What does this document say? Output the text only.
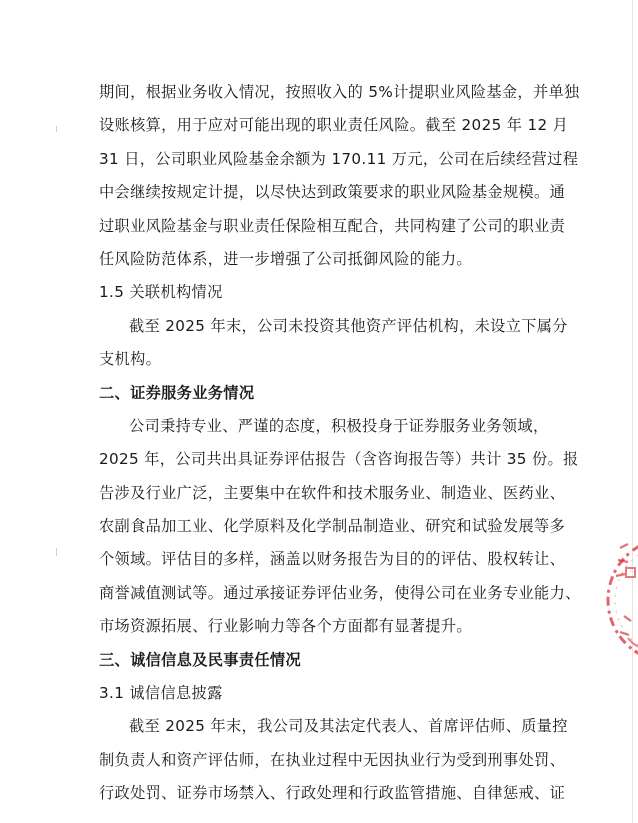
期间，根据业务收入情况，按照收入的 5%计提职业风险基金，并单独
设账核算，用于应对可能出现的职业责任风险。截至 2025 年 12 月
31 日，公司职业风险基金余额为 170.11 万元，公司在后续经营过程
中会继续按规定计提，以尽快达到政策要求的职业风险基金规模。通
过职业风险基金与职业责任保险相互配合，共同构建了公司的职业责
任风险防范体系，进一步增强了公司抵御风险的能力。
1.5 关联机构情况
截至 2025 年末，公司未投资其他资产评估机构，未设立下属分
支机构。
二、证券服务业务情况
公司秉持专业、严谨的态度，积极投身于证券服务业务领域，
2025 年，公司共出具证券评估报告（含咨询报告等）共计 35 份。报
告涉及行业广泛，主要集中在软件和技术服务业、制造业、医药业、
农副食品加工业、化学原料及化学制品制造业、研究和试验发展等多
个领域。评估目的多样，涵盖以财务报告为目的的评估、股权转让、
商誉减值测试等。通过承接证券评估业务，使得公司在业务专业能力、
市场资源拓展、行业影响力等各个方面都有显著提升。
三、诚信信息及民事责任情况
3.1 诚信信息披露
截至 2025 年末，我公司及其法定代表人、首席评估师、质量控
制负责人和资产评估师，在执业过程中无因执业行为受到刑事处罚、
行政处罚、证券市场禁入、行政处理和行政监管措施、自律惩戒、证
